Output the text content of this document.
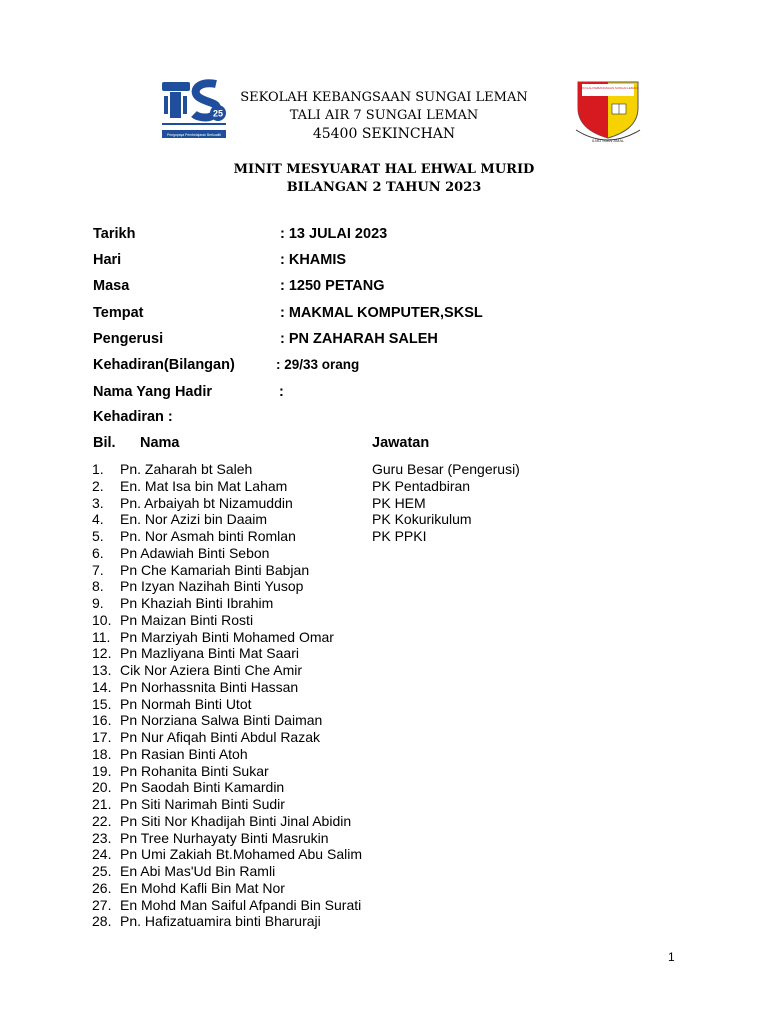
25
Pengupaya Pembelajaran Berkualiti
SEKOLAH KEBANGSAAN SUNGAI LEMAN
TALI AIR 7 SUNGAI LEMAN
45400 SEKINCHAN
SEKOLAH KEBANGSAAN SUNGAI LEMAN
ILMU IMAN AMAL
MINIT MESYUARAT HAL EHWAL MURID
BILANGAN 2 TAHUN 2023
Tarikh	: 13 JULAI 2023
Hari	: KHAMIS
Masa	: 1250 PETANG
Tempat	: MAKMAL KOMPUTER,SKSL
Pengerusi	: PN ZAHARAH SALEH
Kehadiran(Bilangan)	: 29/33 orang
Nama Yang Hadir	:
Kehadiran :
Bil. Nama	Jawatan
1.	Pn. Zaharah bt Saleh	Guru Besar (Pengerusi)
2.	En. Mat Isa bin Mat Laham	PK Pentadbiran
3.	Pn. Arbaiyah bt Nizamuddin	PK HEM
4.	En. Nor Azizi bin Daaim	PK Kokurikulum
5.	Pn. Nor Asmah binti Romlan	PK PPKI
6.	Pn Adawiah Binti Sebon
7.	Pn Che Kamariah Binti Babjan
8.	Pn Izyan Nazihah Binti Yusop
9.	Pn Khaziah Binti Ibrahim
10. Pn Maizan Binti Rosti
11. Pn Marziyah Binti Mohamed Omar
12. Pn Mazliyana Binti Mat Saari
13. Cik Nor Aziera Binti Che Amir
14. Pn Norhassnita Binti Hassan
15. Pn Normah Binti Utot
16. Pn Norziana Salwa Binti Daiman
17. Pn Nur Afiqah Binti Abdul Razak
18. Pn Rasian Binti Atoh
19. Pn Rohanita Binti Sukar
20. Pn Saodah Binti Kamardin
21. Pn Siti Narimah Binti Sudir
22. Pn Siti Nor Khadijah Binti Jinal Abidin
23. Pn Tree Nurhayaty Binti Masrukin
24. Pn Umi Zakiah Bt.Mohamed Abu Salim
25. En Abi Mas'Ud Bin Ramli
26. En Mohd Kafli Bin Mat Nor
27. En Mohd Man Saiful Afpandi Bin Surati
28. Pn. Hafizatuamira binti Bharuraji
1
